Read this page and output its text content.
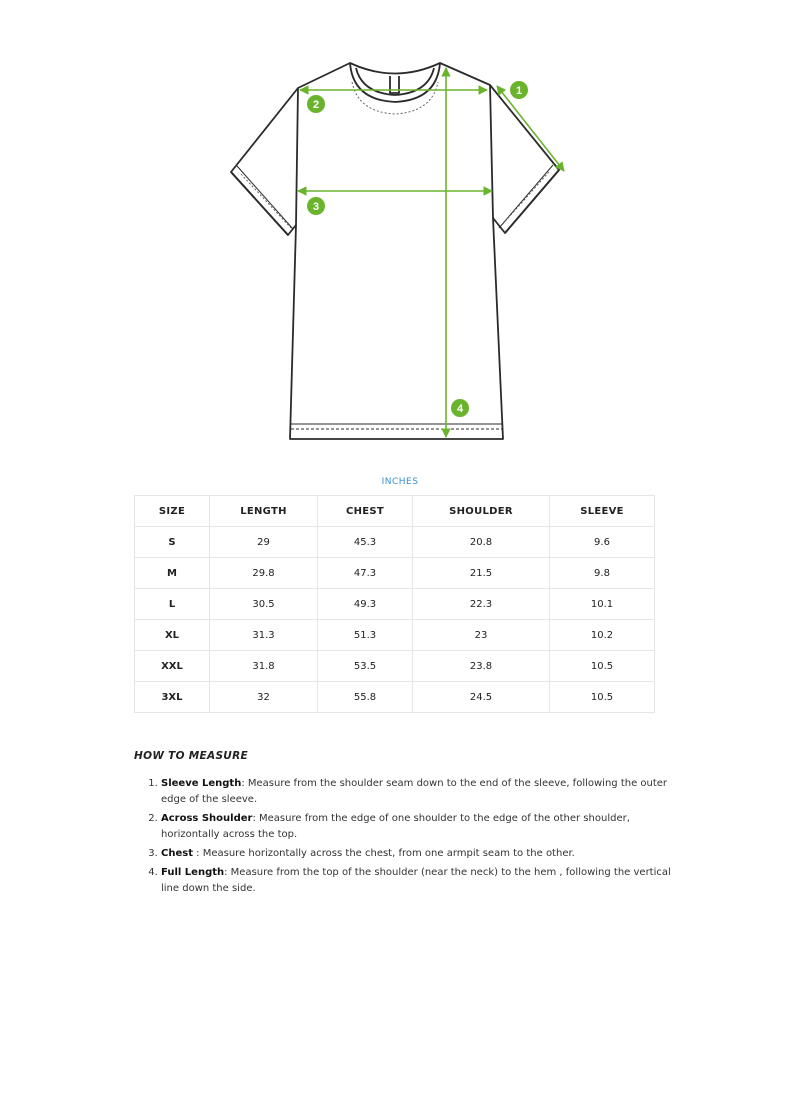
1
2
3
4
INCHES
SIZE	LENGTH	CHEST	SHOULDER	SLEEVE
S	29	45.3	20.8	9.6
M	29.8	47.3	21.5	9.8
L	30.5	49.3	22.3	10.1
XL	31.3	51.3	23	10.2
XXL	31.8	53.5	23.8	10.5
3XL	32	55.8	24.5	10.5
HOW TO MEASURE
1. Sleeve Length: Measure from the shoulder seam down to the end of the sleeve, following the outer edge of the sleeve.
2. Across Shoulder: Measure from the edge of one shoulder to the edge of the other shoulder, horizontally across the top.
3. Chest : Measure horizontally across the chest, from one armpit seam to the other.
4. Full Length: Measure from the top of the shoulder (near the neck) to the hem , following the vertical line down the side.
